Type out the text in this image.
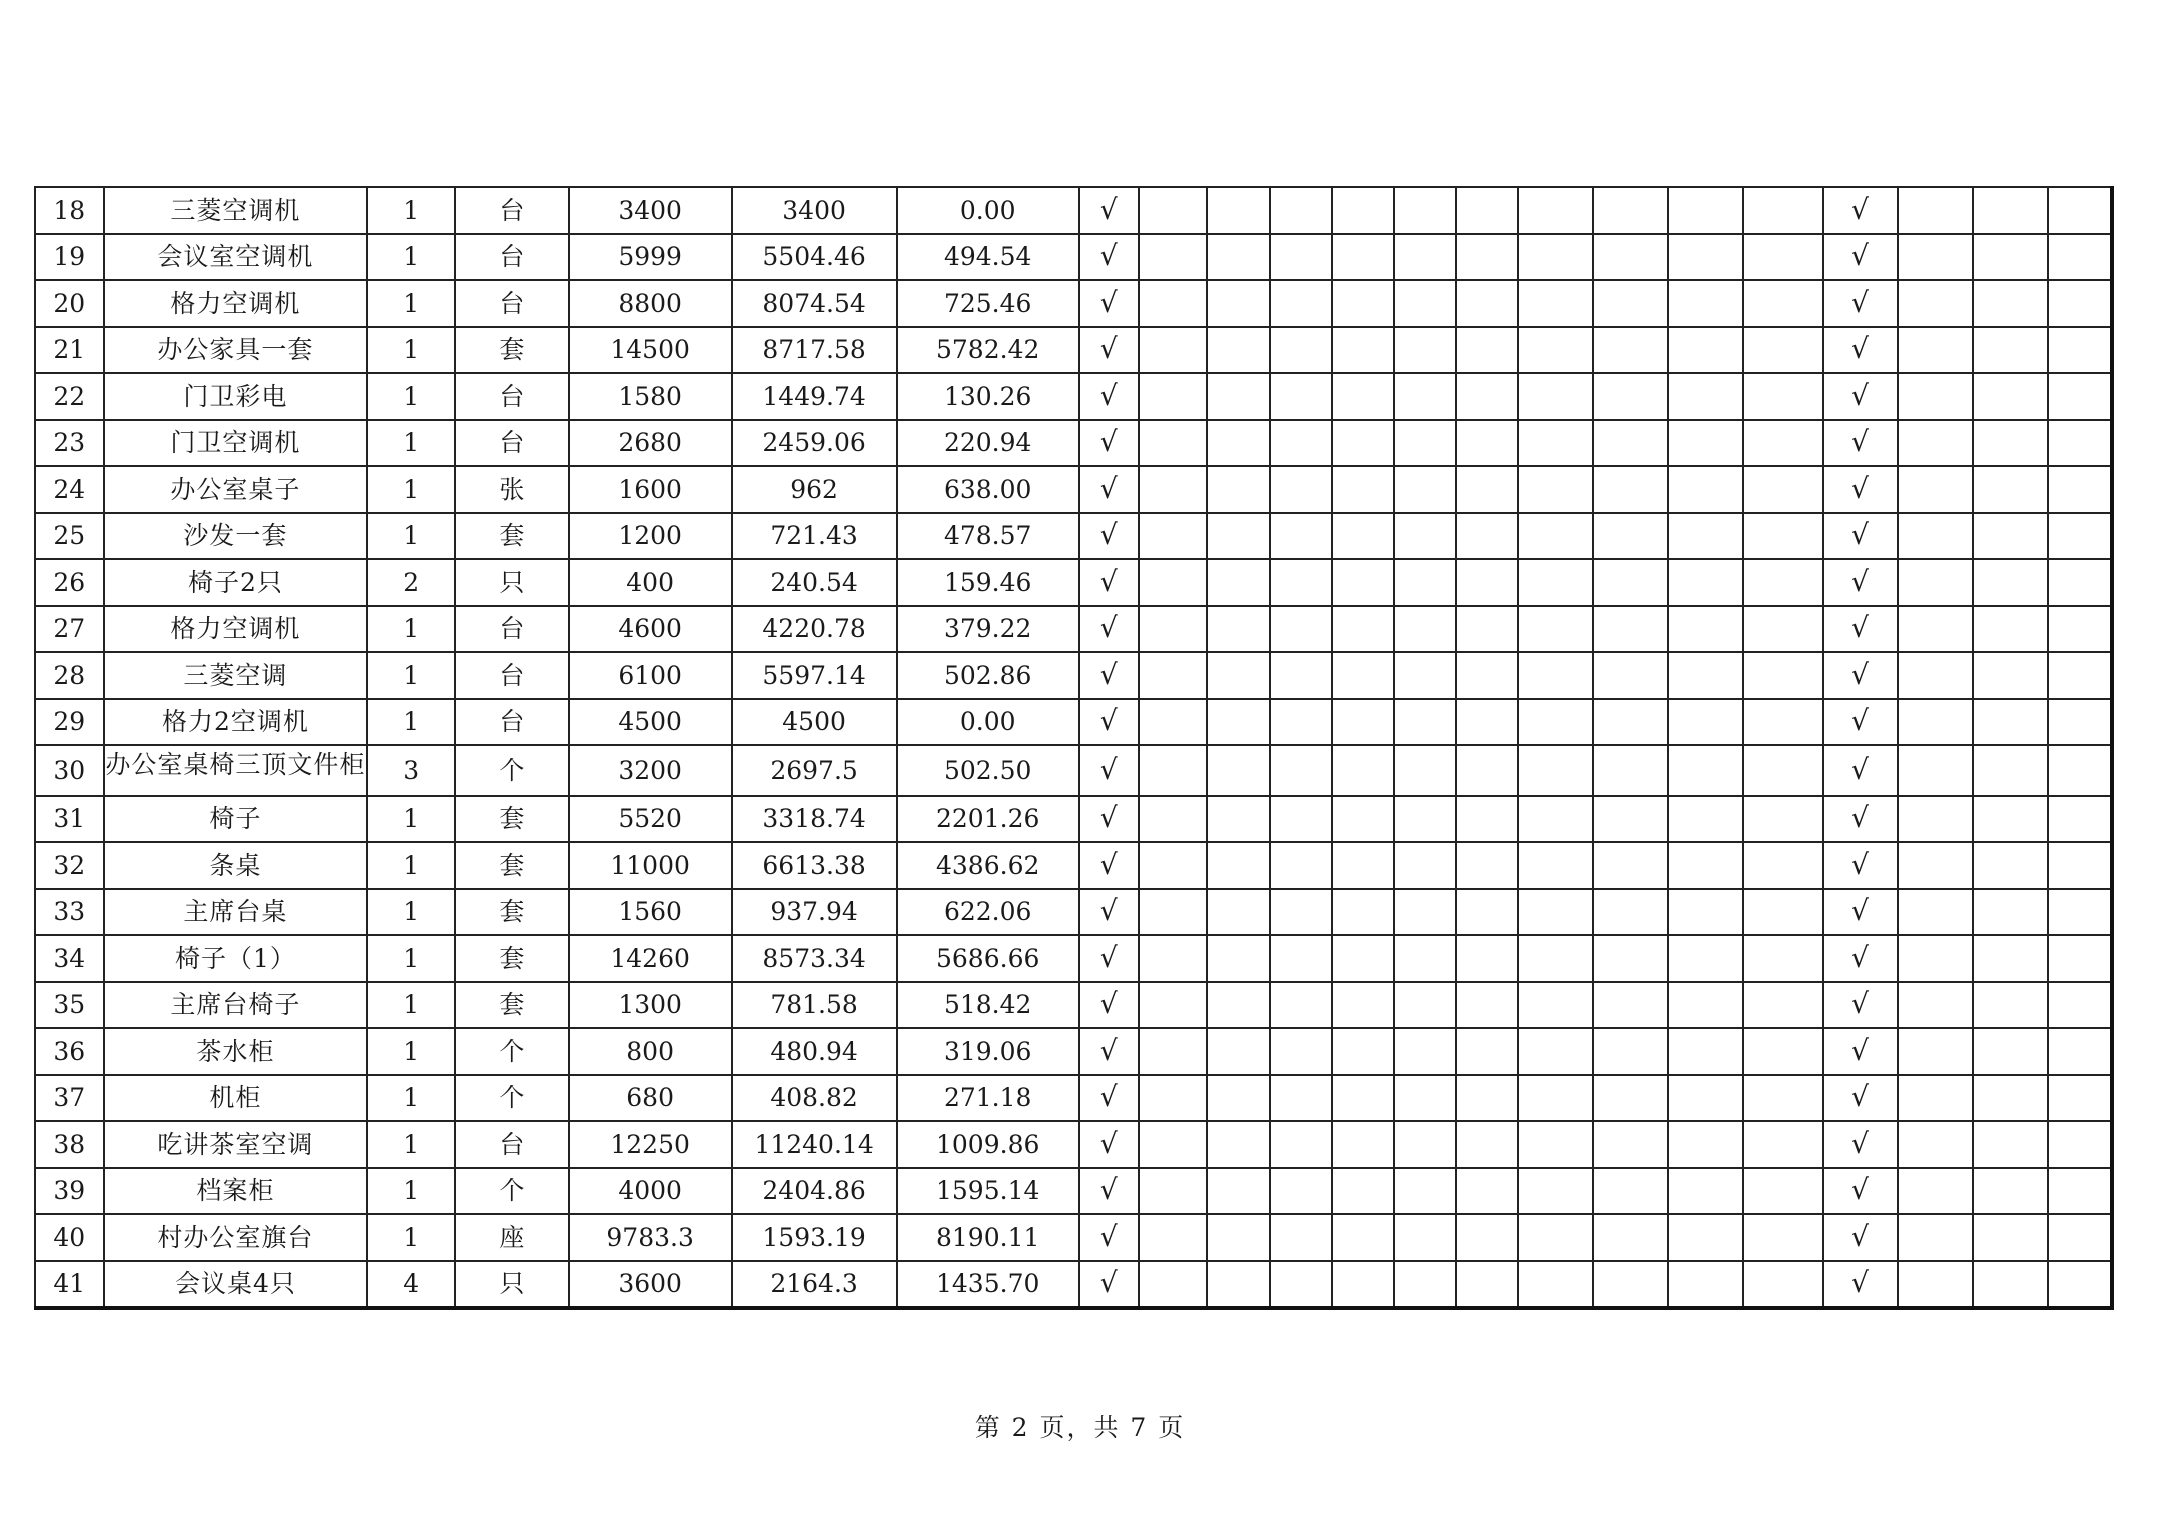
18	三菱空调机	1	台	3400	3400	0.00	√											√			
19	会议室空调机	1	台	5999	5504.46	494.54	√											√			
20	格力空调机	1	台	8800	8074.54	725.46	√											√			
21	办公家具一套	1	套	14500	8717.58	5782.42	√											√			
22	门卫彩电	1	台	1580	1449.74	130.26	√											√			
23	门卫空调机	1	台	2680	2459.06	220.94	√											√			
24	办公室桌子	1	张	1600	962	638.00	√											√			
25	沙发一套	1	套	1200	721.43	478.57	√											√			
26	椅子2只	2	只	400	240.54	159.46	√											√			
27	格力空调机	1	台	4600	4220.78	379.22	√											√			
28	三菱空调	1	台	6100	5597.14	502.86	√											√			
29	格力2空调机	1	台	4500	4500	0.00	√											√			
30	办公室桌椅三顶文件柜	3	个	3200	2697.5	502.50	√											√			
31	椅子	1	套	5520	3318.74	2201.26	√											√			
32	条桌	1	套	11000	6613.38	4386.62	√											√			
33	主席台桌	1	套	1560	937.94	622.06	√											√			
34	椅子（1）	1	套	14260	8573.34	5686.66	√											√			
35	主席台椅子	1	套	1300	781.58	518.42	√											√			
36	茶水柜	1	个	800	480.94	319.06	√											√			
37	机柜	1	个	680	408.82	271.18	√											√			
38	吃讲茶室空调	1	台	12250	11240.14	1009.86	√											√			
39	档案柜	1	个	4000	2404.86	1595.14	√											√			
40	村办公室旗台	1	座	9783.3	1593.19	8190.11	√											√			
41	会议桌4只	4	只	3600	2164.3	1435.70	√											√			
第 2 页，共 7 页
